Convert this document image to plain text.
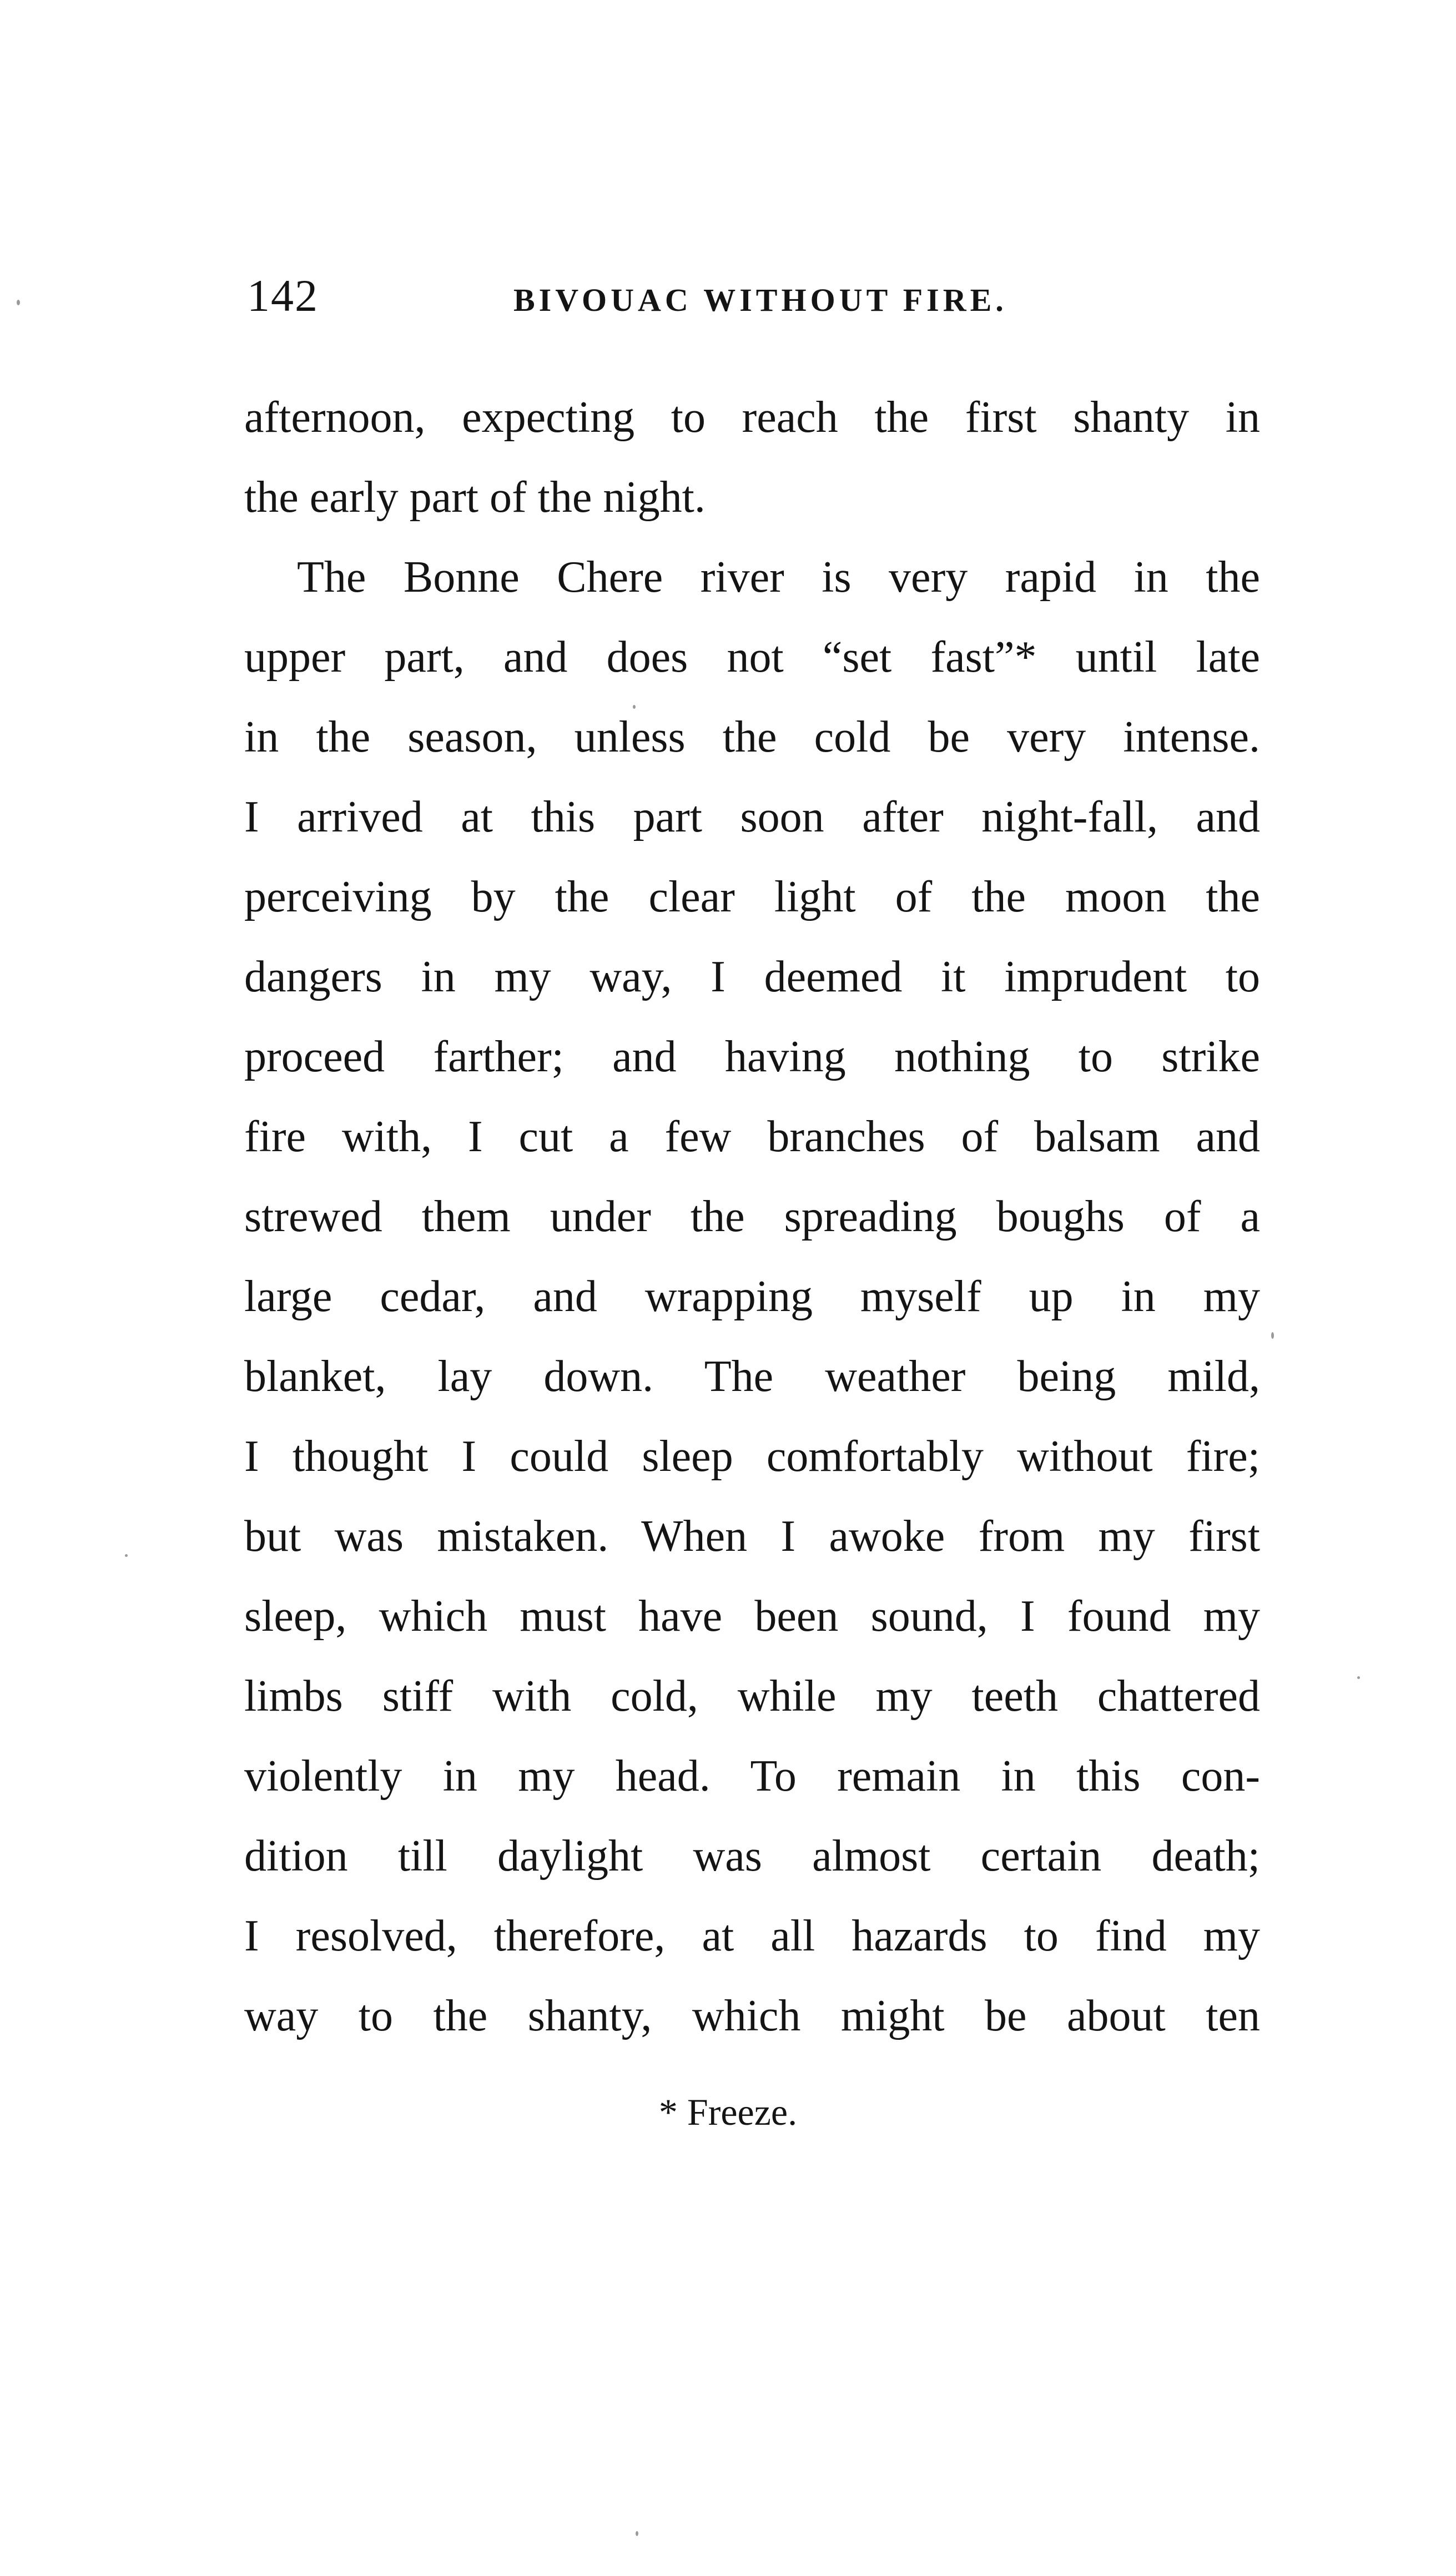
142	BIVOUAC WITHOUT FIRE.
afternoon, expecting to reach the first shanty in
the early part of the night.
The Bonne Chere river is very rapid in the
upper part, and does not “set fast”* until late
in the season, unless the cold be very intense.
I arrived at this part soon after night-fall, and
perceiving by the clear light of the moon the
dangers in my way, I deemed it imprudent to
proceed farther; and having nothing to strike
fire with, I cut a few branches of balsam and
strewed them under the spreading boughs of a
large cedar, and wrapping myself up in my
blanket, lay down. The weather being mild,
I thought I could sleep comfortably without fire;
but was mistaken. When I awoke from my first
sleep, which must have been sound, I found my
limbs stiff with cold, while my teeth chattered
violently in my head. To remain in this con-
dition till daylight was almost certain death;
I resolved, therefore, at all hazards to find my
way to the shanty, which might be about ten
* Freeze.
